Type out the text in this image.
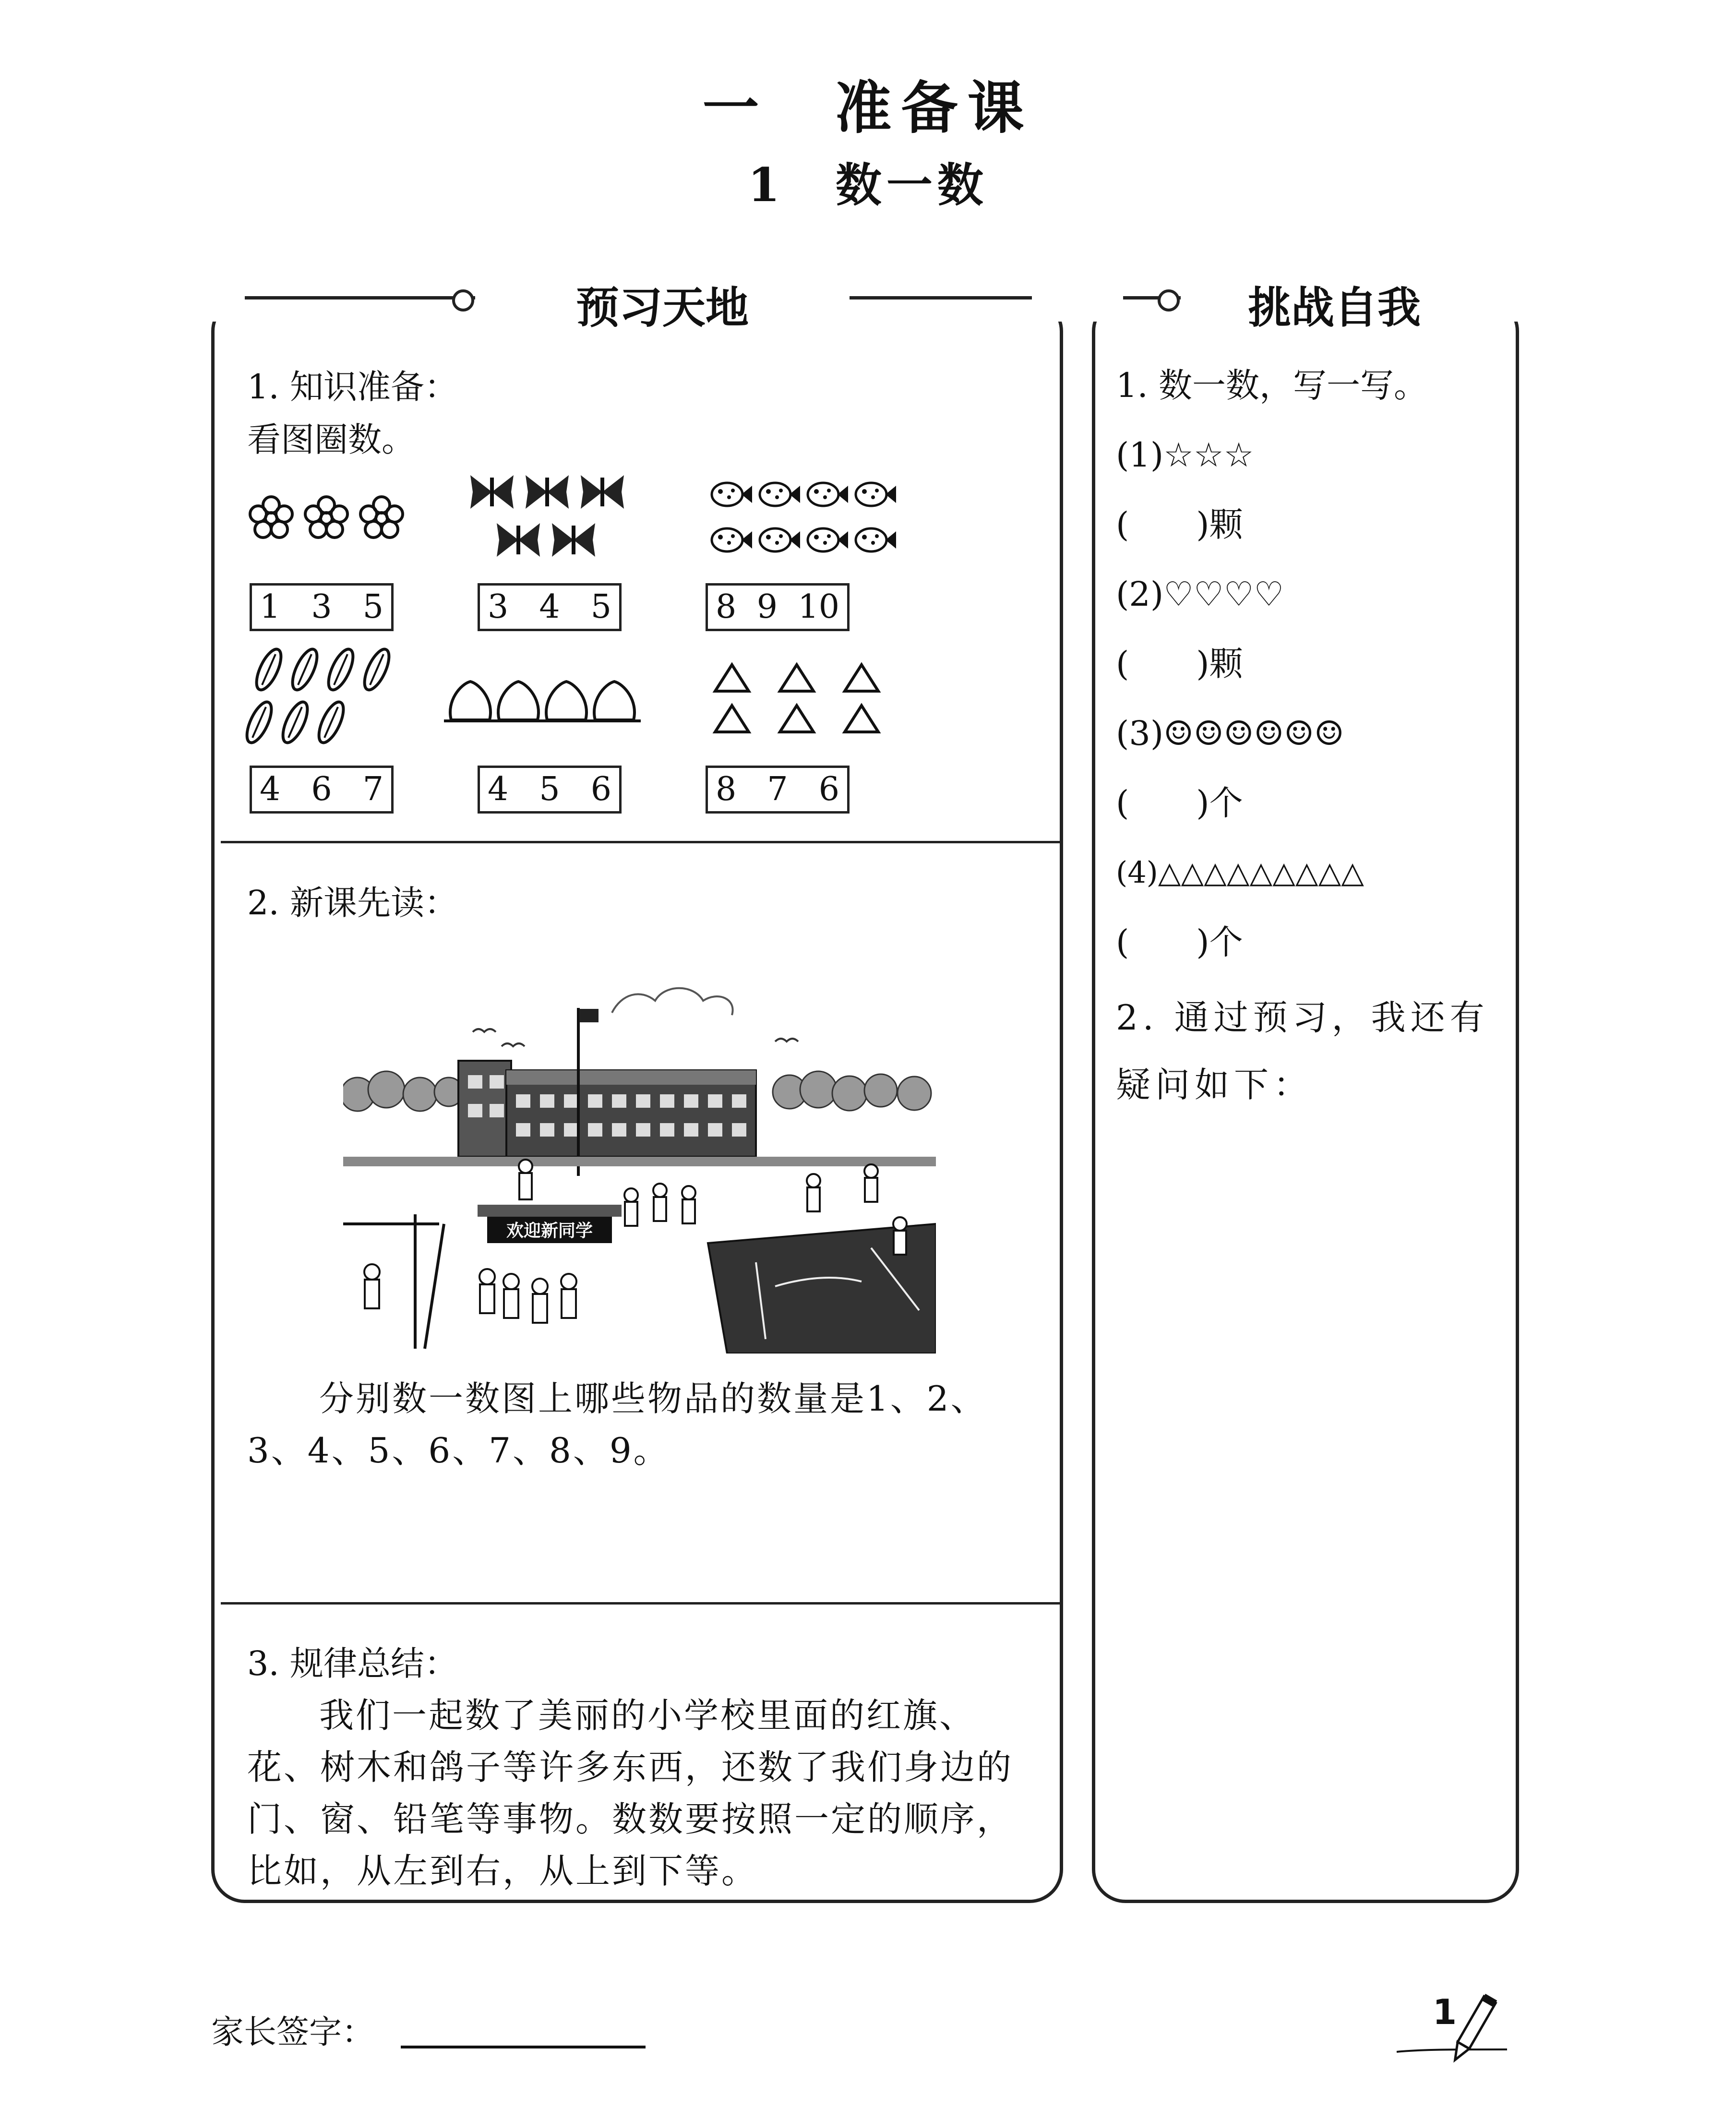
一　准备课
1　数一数
预习天地
1. 知识准备：
看图圈数。
1 3 5	3 4 5	8 9 10
4 6 7	4 5 6	8 7 6
2. 新课先读：
欢迎新同学
分别数一数图上哪些物品的数量是1、2、3、4、5、6、7、8、9。
3. 规律总结：
我们一起数了美丽的小学校里面的红旗、花、树木和鸽子等许多东西，还数了我们身边的门、窗、铅笔等事物。数数要按照一定的顺序，比如，从左到右，从上到下等。
挑战自我
1. 数一数，写一写。
(1)☆☆☆
(　　)颗
(2)♡♡♡♡
(　　)颗
(3)☺☺☺☺☺☺
(　　)个
(4)△△△△△△△△△
(　　)个
2. 通过预习，我还有疑问如下：
家长签字：
1
